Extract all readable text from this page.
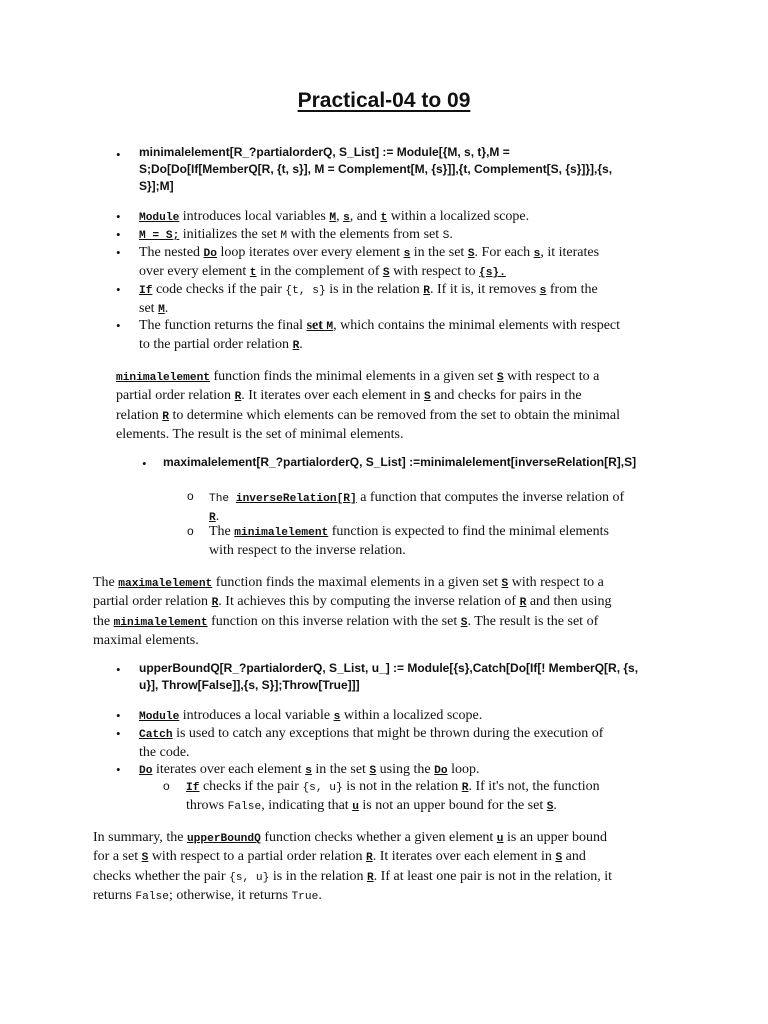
Practical-04 to 09
• minimalelement[R_?partialorderQ, S_List] := Module[{M, s, t},M =
S;Do[Do[If[MemberQ[R, {t, s}], M = Complement[M, {s}]],{t, Complement[S, {s}]}],{s,
S}];M]
• Module introduces local variables M, s, and t within a localized scope.
• M = S; initializes the set M with the elements from set S.
• The nested Do loop iterates over every element s in the set S. For each s, it iterates
over every element t in the complement of S with respect to {s}.
• If code checks if the pair {t, s} is in the relation R. If it is, it removes s from the
set M.
• The function returns the final set M, which contains the minimal elements with respect
to the partial order relation R.
minimalelement function finds the minimal elements in a given set S with respect to a
partial order relation R. It iterates over each element in S and checks for pairs in the
relation R to determine which elements can be removed from the set to obtain the minimal
elements. The result is the set of minimal elements.
• maximalelement[R_?partialorderQ, S_List] :=minimalelement[inverseRelation[R],S]
o The inverseRelation[R] a function that computes the inverse relation of
R.
o The minimalelement function is expected to find the minimal elements
with respect to the inverse relation.
The maximalelement function finds the maximal elements in a given set S with respect to a
partial order relation R. It achieves this by computing the inverse relation of R and then using
the minimalelement function on this inverse relation with the set S. The result is the set of
maximal elements.
• upperBoundQ[R_?partialorderQ, S_List, u_] := Module[{s},Catch[Do[If[! MemberQ[R, {s,
u}], Throw[False]],{s, S}];Throw[True]]]
• Module introduces a local variable s within a localized scope.
• Catch is used to catch any exceptions that might be thrown during the execution of
the code.
• Do iterates over each element s in the set S using the Do loop.
o If checks if the pair {s, u} is not in the relation R. If it's not, the function
throws False, indicating that u is not an upper bound for the set S.
In summary, the upperBoundQ function checks whether a given element u is an upper bound
for a set S with respect to a partial order relation R. It iterates over each element in S and
checks whether the pair {s, u} is in the relation R. If at least one pair is not in the relation, it
returns False; otherwise, it returns True.
